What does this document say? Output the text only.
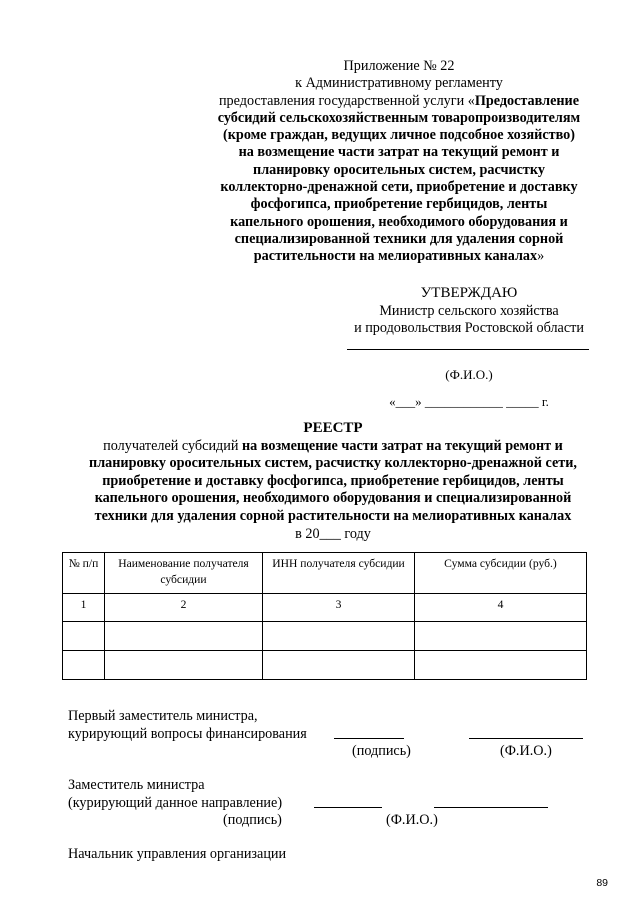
Приложение № 22
к Административному регламенту
предоставления государственной услуги «Предоставление
субсидий сельскохозяйственным товаропроизводителям
(кроме граждан, ведущих личное подсобное хозяйство)
на возмещение части затрат на текущий ремонт и
планировку оросительных систем, расчистку
коллекторно-дренажной сети, приобретение и доставку
фосфогипса, приобретение гербицидов, ленты
капельного орошения, необходимого оборудования и
специализированной техники для удаления сорной
растительности на мелиоративных каналах»
УТВЕРЖДАЮ
Министр сельского хозяйства
и продовольствия Ростовской области
(Ф.И.О.)
«___» ____________ _____ г.
РЕЕСТР
получателей субсидий на возмещение части затрат на текущий ремонт и
планировку оросительных систем, расчистку коллекторно-дренажной сети,
приобретение и доставку фосфогипса, приобретение гербицидов, ленты
капельного орошения, необходимого оборудования и специализированной
техники для удаления сорной растительности на мелиоративных каналах
в 20___ году
№ п/п	Наименование получателя субсидии	ИНН получателя субсидии	Сумма субсидии (руб.)
1	2	3	4

Первый заместитель министра,
курирующий вопросы финансирования
(подпись)	(Ф.И.О.)
Заместитель министра
(курирующий данное направление)
(подпись)	(Ф.И.О.)
Начальник управления организации
89
